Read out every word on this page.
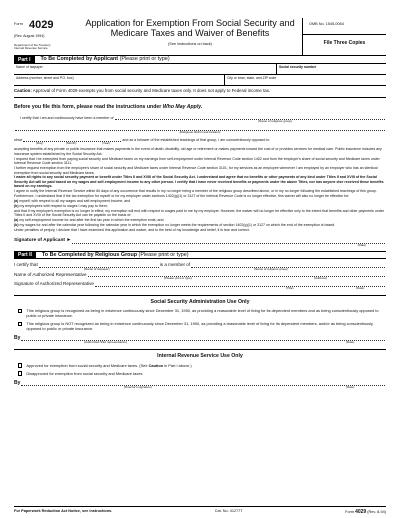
Form 4029
(Rev. August 1994)
Department of the Treasury
Internal Revenue Service
Application for Exemption From Social Security and
Medicare Taxes and Waiver of Benefits
(See instructions on back)
OMB No. 1545-0064
File Three Copies
Part I	To Be Completed by Applicant (Please print or type)
Name of taxpayer	Social security number
Address (number, street and P.O. box)	City or town, state, and ZIP code
Caution: Approval of Form 4029 exempts you from social security and Medicare taxes only. It does not apply to Federal income tax.
Before you file this form, please read the instructions under Who May Apply.
I certify that I am and continuously have been a member of
(Name of religious group)
(Religious district and location)
since	and as a follower of the established teachings of that group, I am conscientiously opposed to
(Day)	(Month)	(Year)
accepting benefits of any private or public insurance that makes payments in the event of death, disability, old age or retirement or makes payments toward the cost of or provides services for medical care. Public insurance includes any insurance system established by the Social Security Act.
I request that I be exempted from paying social security and Medicare taxes on my earnings from self-employment under Internal Revenue Code section 1402 and from the employer's share of social security and Medicare taxes under Internal Revenue Code section 3111.
I further request exemption from the employee's share of social security and Medicare taxes under Internal Revenue Code section 3101, for my services as an employee whenever I am employed by an employer who has an identical exemption from social security and Medicare taxes.
I waive all rights to any social security payment or benefit under Titles II and XVIII of the Social Security Act. I understand and agree that no benefits or other payments of any kind under Titles II and XVIII of the Social Security Act will be paid based on my wages and self-employment income to any other person. I certify that I have never received benefits or payments under the above Titles, nor has anyone else received these benefits based on my earnings.
I agree to notify the Internal Revenue Service within 60 days of any occurrence that results in my no longer being a member of the religious group described above, or in my no longer following the established teachings of this group.
Furthermore, I understand that if the tax exemption for myself or for my employer under sections 1402(g)(1) or 3127 of the Internal Revenue Code is no longer effective, this waiver will also no longer be effective for:
(a) myself, with respect to all my wages and self-employment income; and
(b) my employees with respect to wages I may pay to them;
and that if my employer's exemption is no longer in effect, my exemption will end with respect to wages paid to me by my employer. However, the waiver will no longer be effective only to the extent that benefits and other payments under Titles II and XVIII of the Social Security Act can be payable on the basis of:
(a) my self-employment income for and after the first tax year in which the exemption ends; and
(b) my wages for and after the calendar year following the calendar year in which the exemption no longer meets the requirements of section 1402(g)(1) or 3127 on which the end of the exemption is based.
Under penalties of perjury, I declare that I have examined this application and waiver, and to the best of my knowledge and belief, it is true and correct.
Signature of Applicant ►
(Date)
Part II	To Be Completed by Religious Group (Please print or type)
I certify that	is a member of
(Name of taxpayer)	(Name of religious group)
Name of Authorized Representative
(Please print or type)	(Address)
Signature of Authorized Representative
(Title)	(Date)
Social Security Administration Use Only
This religious group is recognized as being in existence continuously since December 31, 1950, as providing a reasonable level of living for its dependent members and as being conscientiously opposed to public or private insurance.
This religious group is NOT recognized as being in existence continuously since December 31, 1950, as providing a reasonable level of living for its dependent members, and/or as being conscientiously opposed to public or private insurance.
By
(Authorized SSA representative)	(Date)
Internal Revenue Service Use Only
Approved for exemption from social security and Medicare taxes. (See Caution in Part I above.)
Disapproved for exemption from social security and Medicare taxes.
By
(Director's signature)	(Date)
For Paperwork Reduction Act Notice, see instructions.	Cat. No. 41277T	Form 4029 (Rev. 8-94)
